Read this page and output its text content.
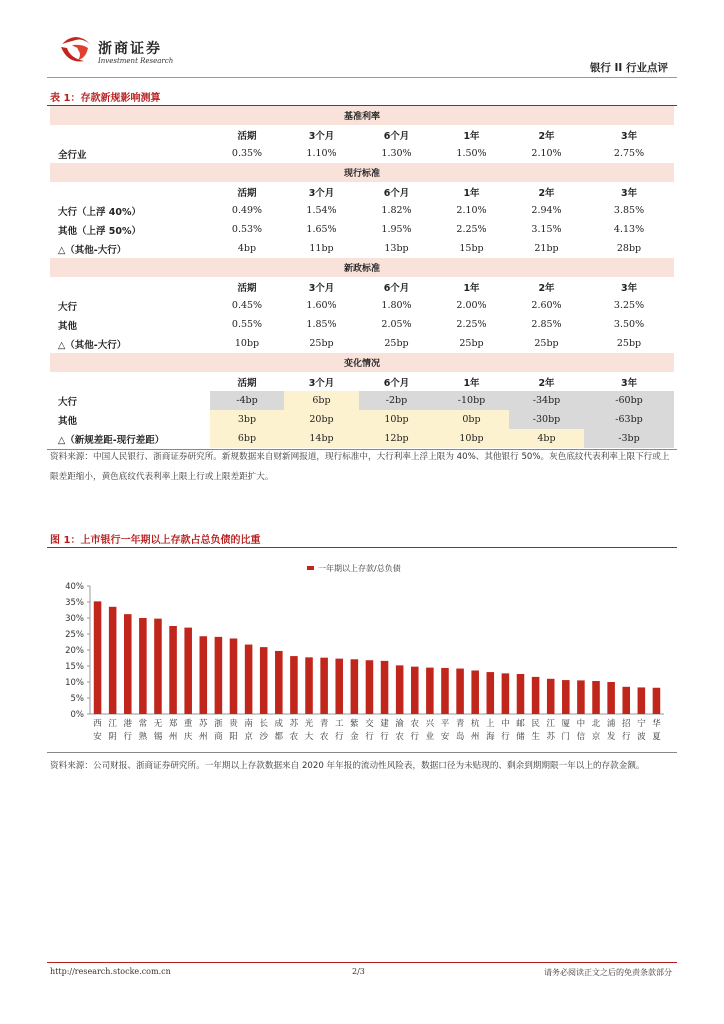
浙商证券
Investment Research
银行 II 行业点评
表 1：存款新规影响测算
基准利率						
	活期	3个月	6个月	1年	2年	3年
全行业	0.35%	1.10%	1.30%	1.50%	2.10%	2.75%
现行标准						
	活期	3个月	6个月	1年	2年	3年
大行（上浮 40%）	0.49%	1.54%	1.82%	2.10%	2.94%	3.85%
其他（上浮 50%）	0.53%	1.65%	1.95%	2.25%	3.15%	4.13%
△（其他-大行）	4bp	11bp	13bp	15bp	21bp	28bp
新政标准						
	活期	3个月	6个月	1年	2年	3年
大行	0.45%	1.60%	1.80%	2.00%	2.60%	3.25%
其他	0.55%	1.85%	2.05%	2.25%	2.85%	3.50%
△（其他-大行）	10bp	25bp	25bp	25bp	25bp	25bp
变化情况						
	活期	3个月	6个月	1年	2年	3年
大行	-4bp	6bp	-2bp	-10bp	-34bp	-60bp
其他	3bp	20bp	10bp	0bp	-30bp	-63bp
△（新规差距-现行差距）	6bp	14bp	12bp	10bp	4bp	-3bp
资料来源：中国人民银行、浙商证券研究所。新规数据来自财新网报道，现行标准中，大行利率上浮上限为 40%、其他银行 50%。灰色底纹代表利率上限下行或上限差距缩小，黄色底纹代表利率上限上行或上限差距扩大。
图 1：上市银行一年期以上存款占总负债的比重
一年期以上存款/总负债
0%
5%
10%
15%
20%
25%
30%
35%
40%
西
安
江
阴
港
行
常
熟
无
锡
郑
州
重
庆
苏
州
浙
商
贵
阳
南
京
长
沙
成
都
苏
农
光
大
青
农
工
行
紫
金
交
行
建
行
渝
农
农
行
兴
业
平
安
青
岛
杭
州
上
海
中
行
邮
储
民
生
江
苏
厦
门
中
信
北
京
浦
发
招
行
宁
波
华
夏
资料来源：公司财报、浙商证券研究所。一年期以上存款数据来自 2020 年年报的流动性风险表，数据口径为未贴现的、剩余到期期限一年以上的存款金额。
http://research.stocke.com.cn	2/3	请务必阅读正文之后的免责条款部分
